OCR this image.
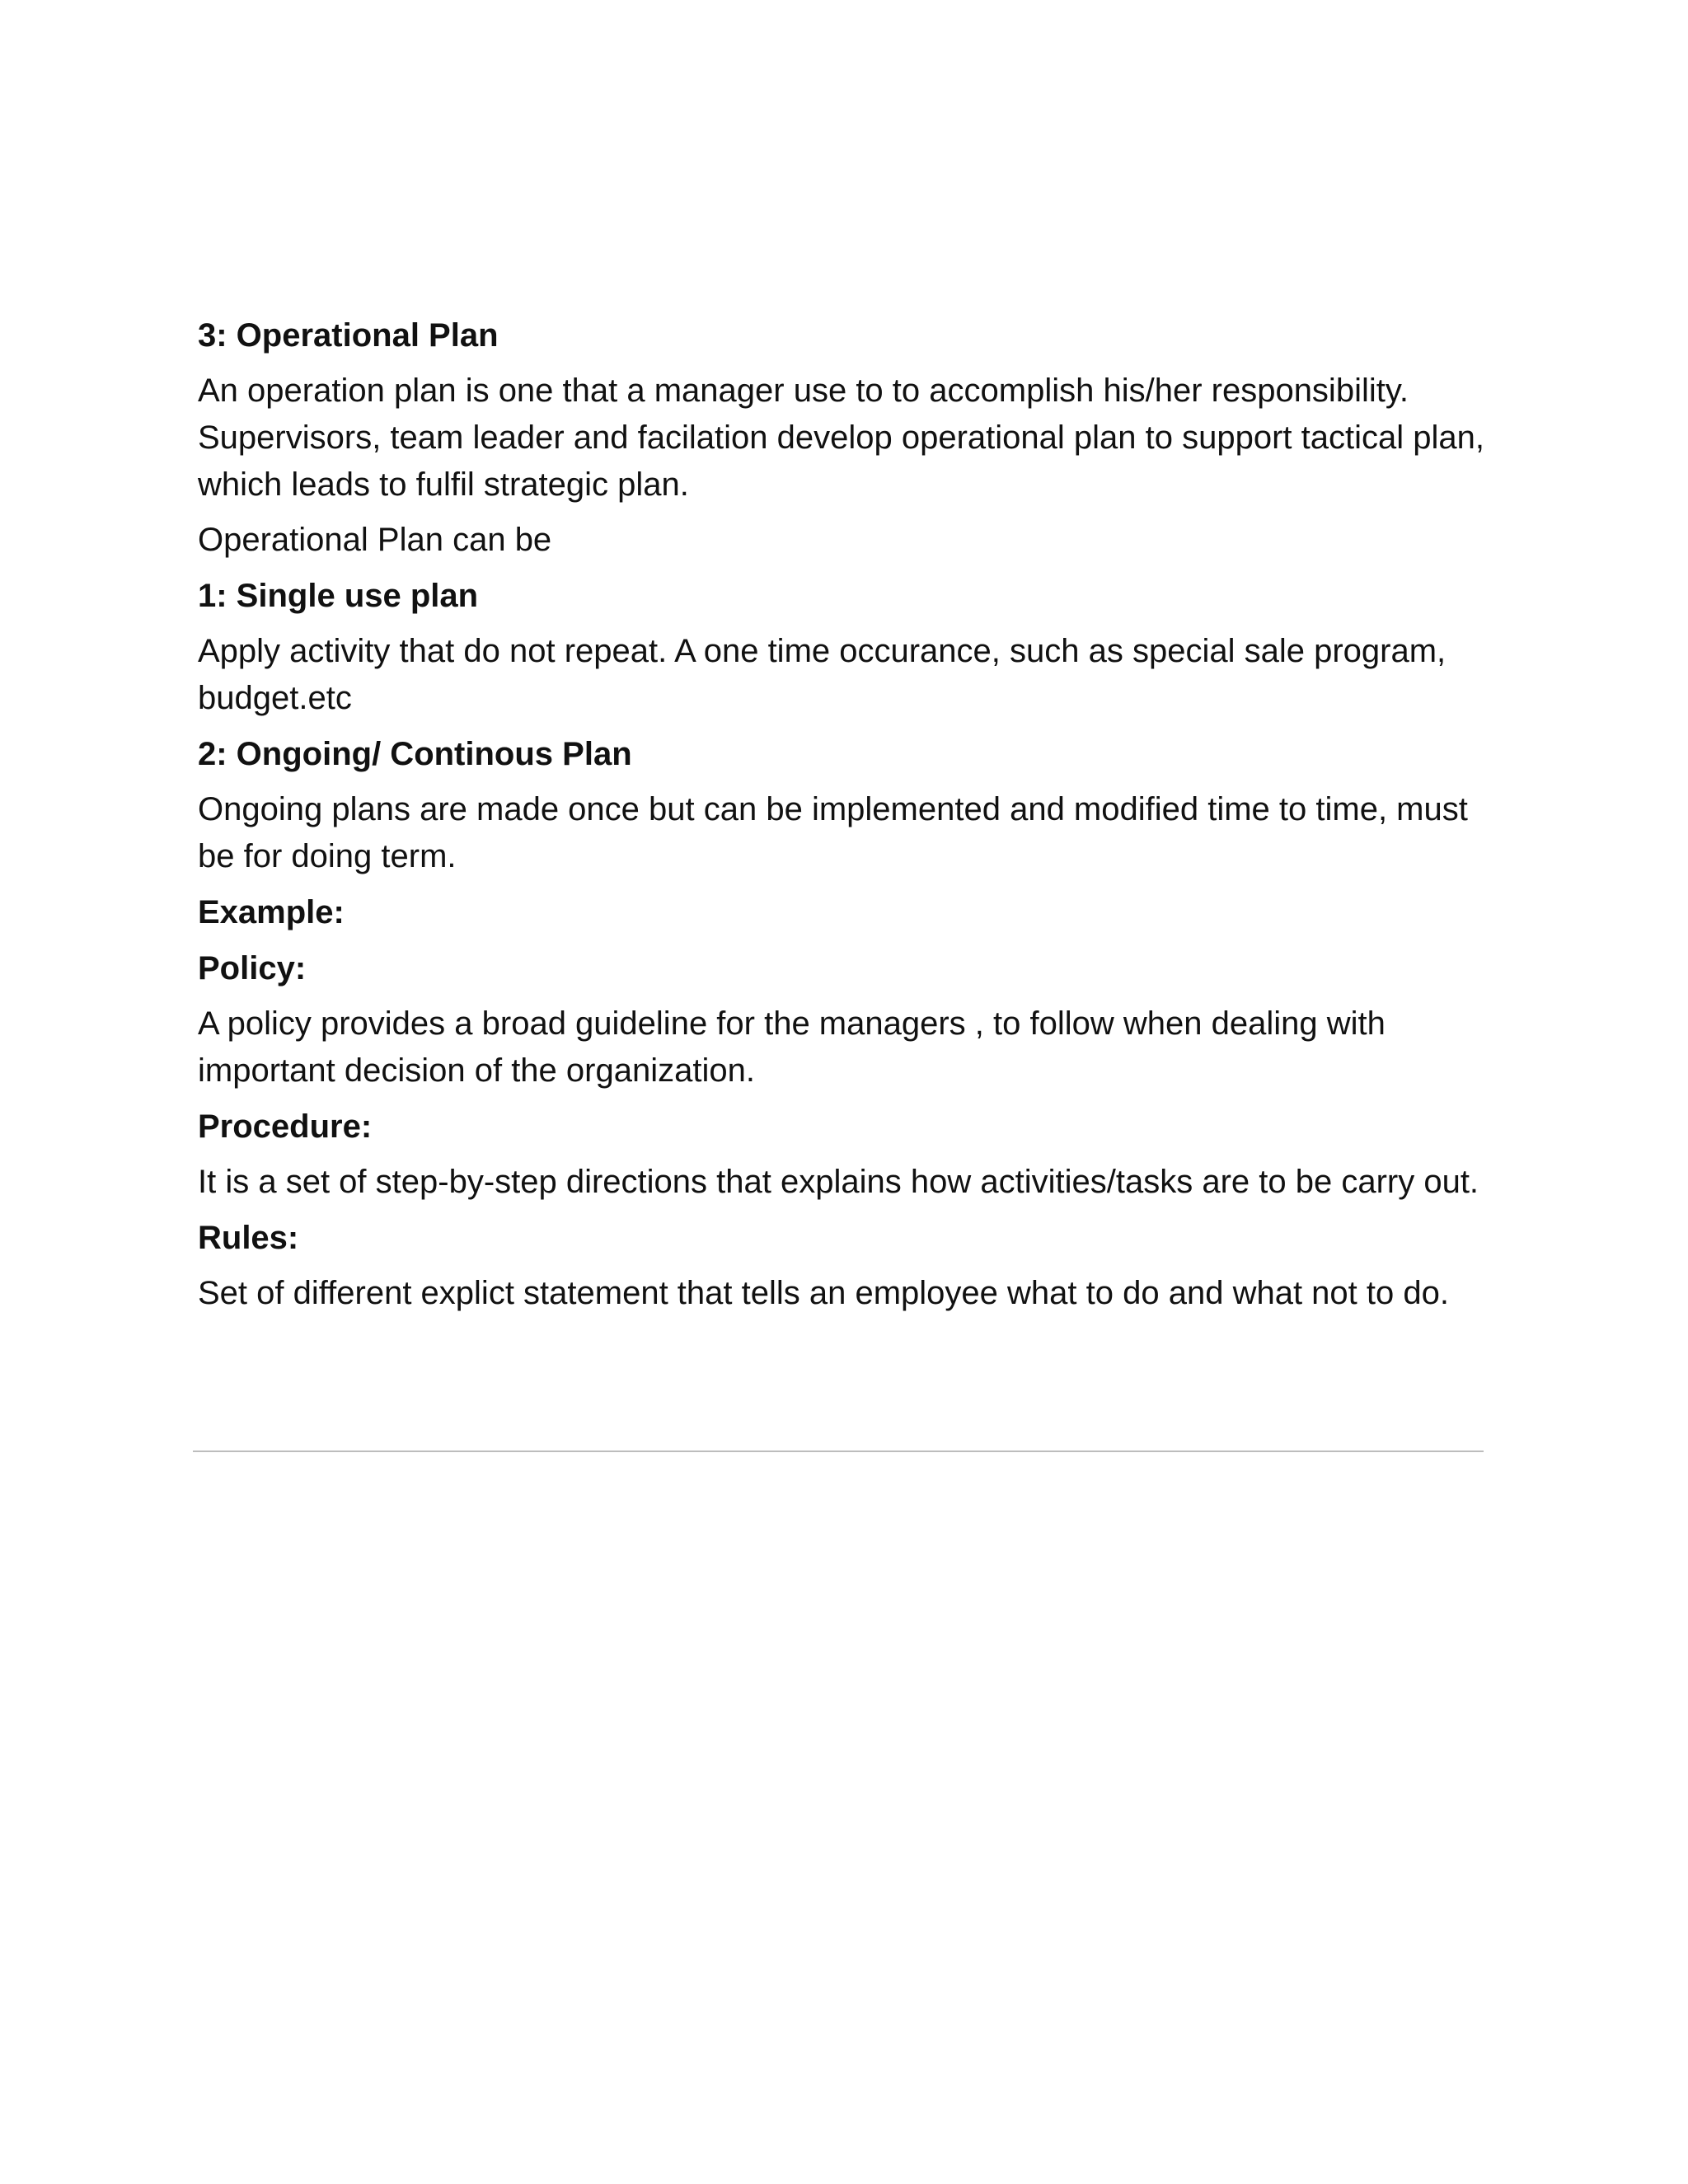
3: Operational Plan
An operation plan is one that a manager use to to accomplish his/her responsibility. Supervisors, team leader and facilation develop operational plan to support tactical plan, which leads to fulfil strategic plan.
Operational Plan can be
1: Single use plan
Apply activity that do not repeat. A one time occurance, such as special sale program, budget.etc
2: Ongoing/ Continous Plan
Ongoing plans are made once but can be implemented and modified time to time, must be for doing term.
Example:
Policy:
A policy provides a broad guideline for the managers , to follow when dealing with important decision of the organization.
Procedure:
It is a set of step-by-step directions that explains how activities/tasks are to be carry out.
Rules:
Set of different explict statement that tells an employee what to do and what not to do.
